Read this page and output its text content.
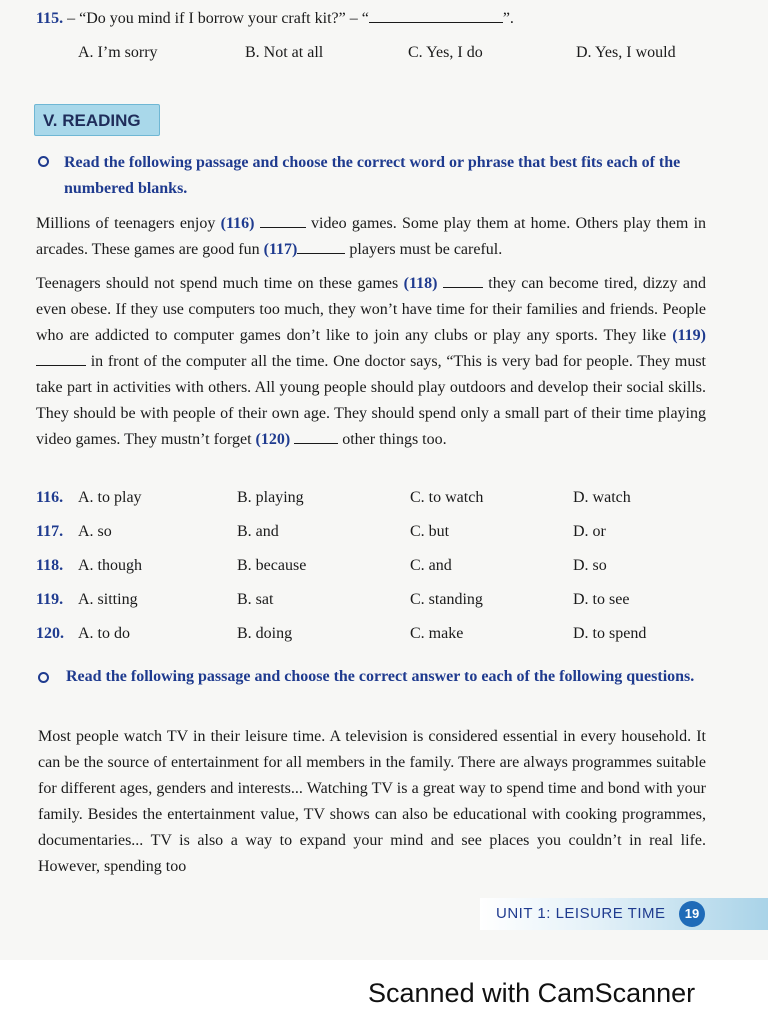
115. – “Do you mind if I borrow your craft kit?” – “	”.
A. I’m sorry	B. Not at all	C. Yes, I do	D. Yes, I would
V. READING
Read the following passage and choose the correct word or phrase that best fits each of the numbered blanks.
Millions of teenagers enjoy (116)	video games. Some play them at home. Others play them in arcades. These games are good fun (117)	players must be careful.
Teenagers should not spend much time on these games (118)	they can become tired, dizzy and even obese. If they use computers too much, they won’t have time for their families and friends. People who are addicted to computer games don’t like to join any clubs or play any sports. They like (119)  in front of the computer all the time. One doctor says, “This is very bad for people. They must take part in activities with others. All young people should play outdoors and develop their social skills. They should be with people of their own age. They should spend only a small part of their time playing video games. They mustn’t forget (120)	other things too.
116. A. to play	B. playing	C. to watch	D. watch
117. A. so	B. and	C. but	D. or
118. A. though	B. because	C. and	D. so
119. A. sitting	B. sat	C. standing	D. to see
120. A. to do	B. doing	C. make	D. to spend
Read the following passage and choose the correct answer to each of the following questions.
Most people watch TV in their leisure time. A television is considered essential in every household. It can be the source of entertainment for all members in the family. There are always programmes suitable for different ages, genders and interests... Watching TV is a great way to spend time and bond with your family. Besides the entertainment value, TV shows can also be educational with cooking programmes, documentaries... TV is also a way to expand your mind and see places you couldn’t in real life. However, spending too
UNIT 1: LEISURE TIME	19
Scanned with CamScanner
